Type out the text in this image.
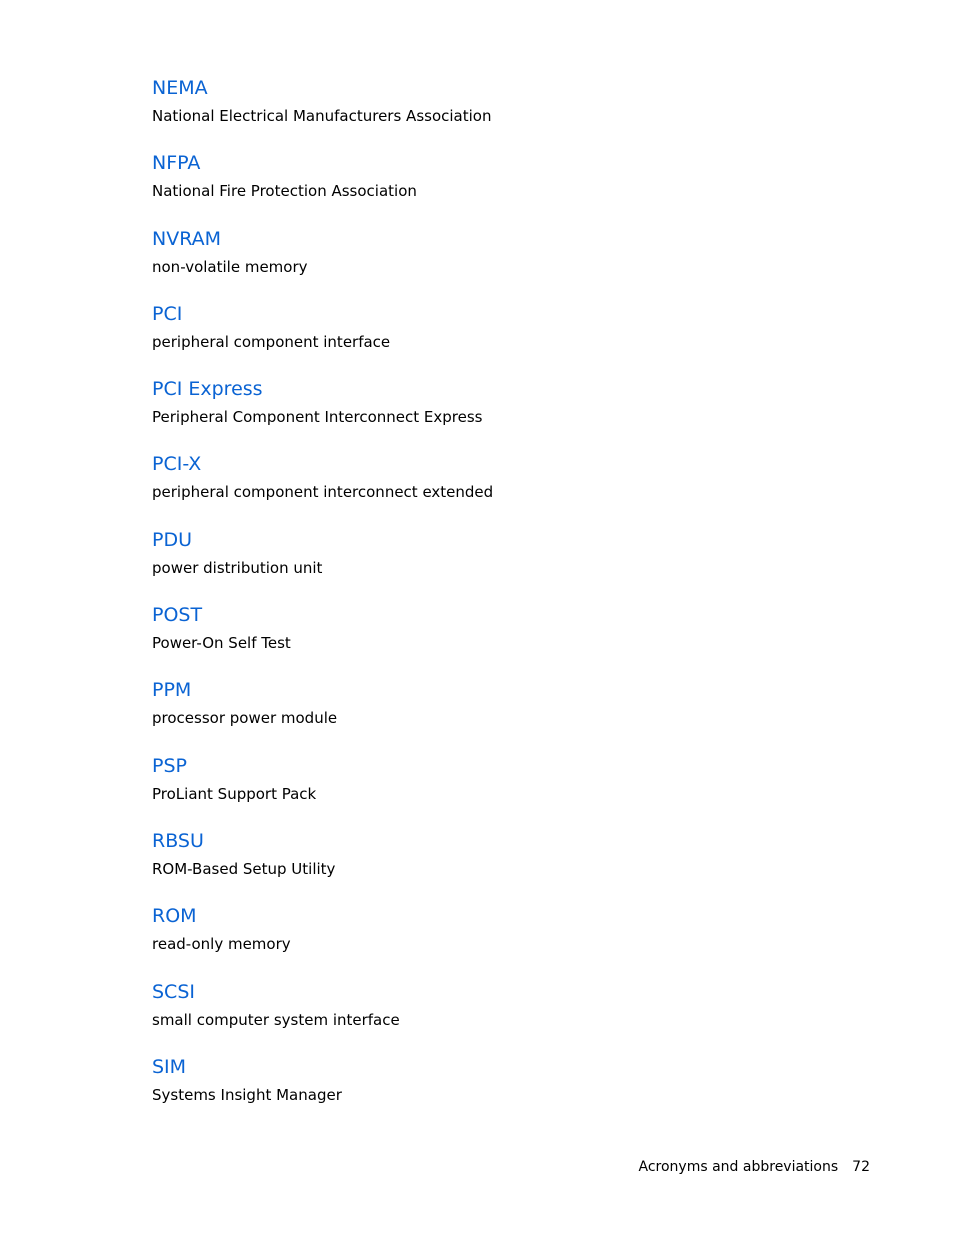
NEMA
National Electrical Manufacturers Association
NFPA
National Fire Protection Association
NVRAM
non-volatile memory
PCI
peripheral component interface
PCI Express
Peripheral Component Interconnect Express
PCI-X
peripheral component interconnect extended
PDU
power distribution unit
POST
Power-On Self Test
PPM
processor power module
PSP
ProLiant Support Pack
RBSU
ROM-Based Setup Utility
ROM
read-only memory
SCSI
small computer system interface
SIM
Systems Insight Manager
Acronyms and abbreviations 72
